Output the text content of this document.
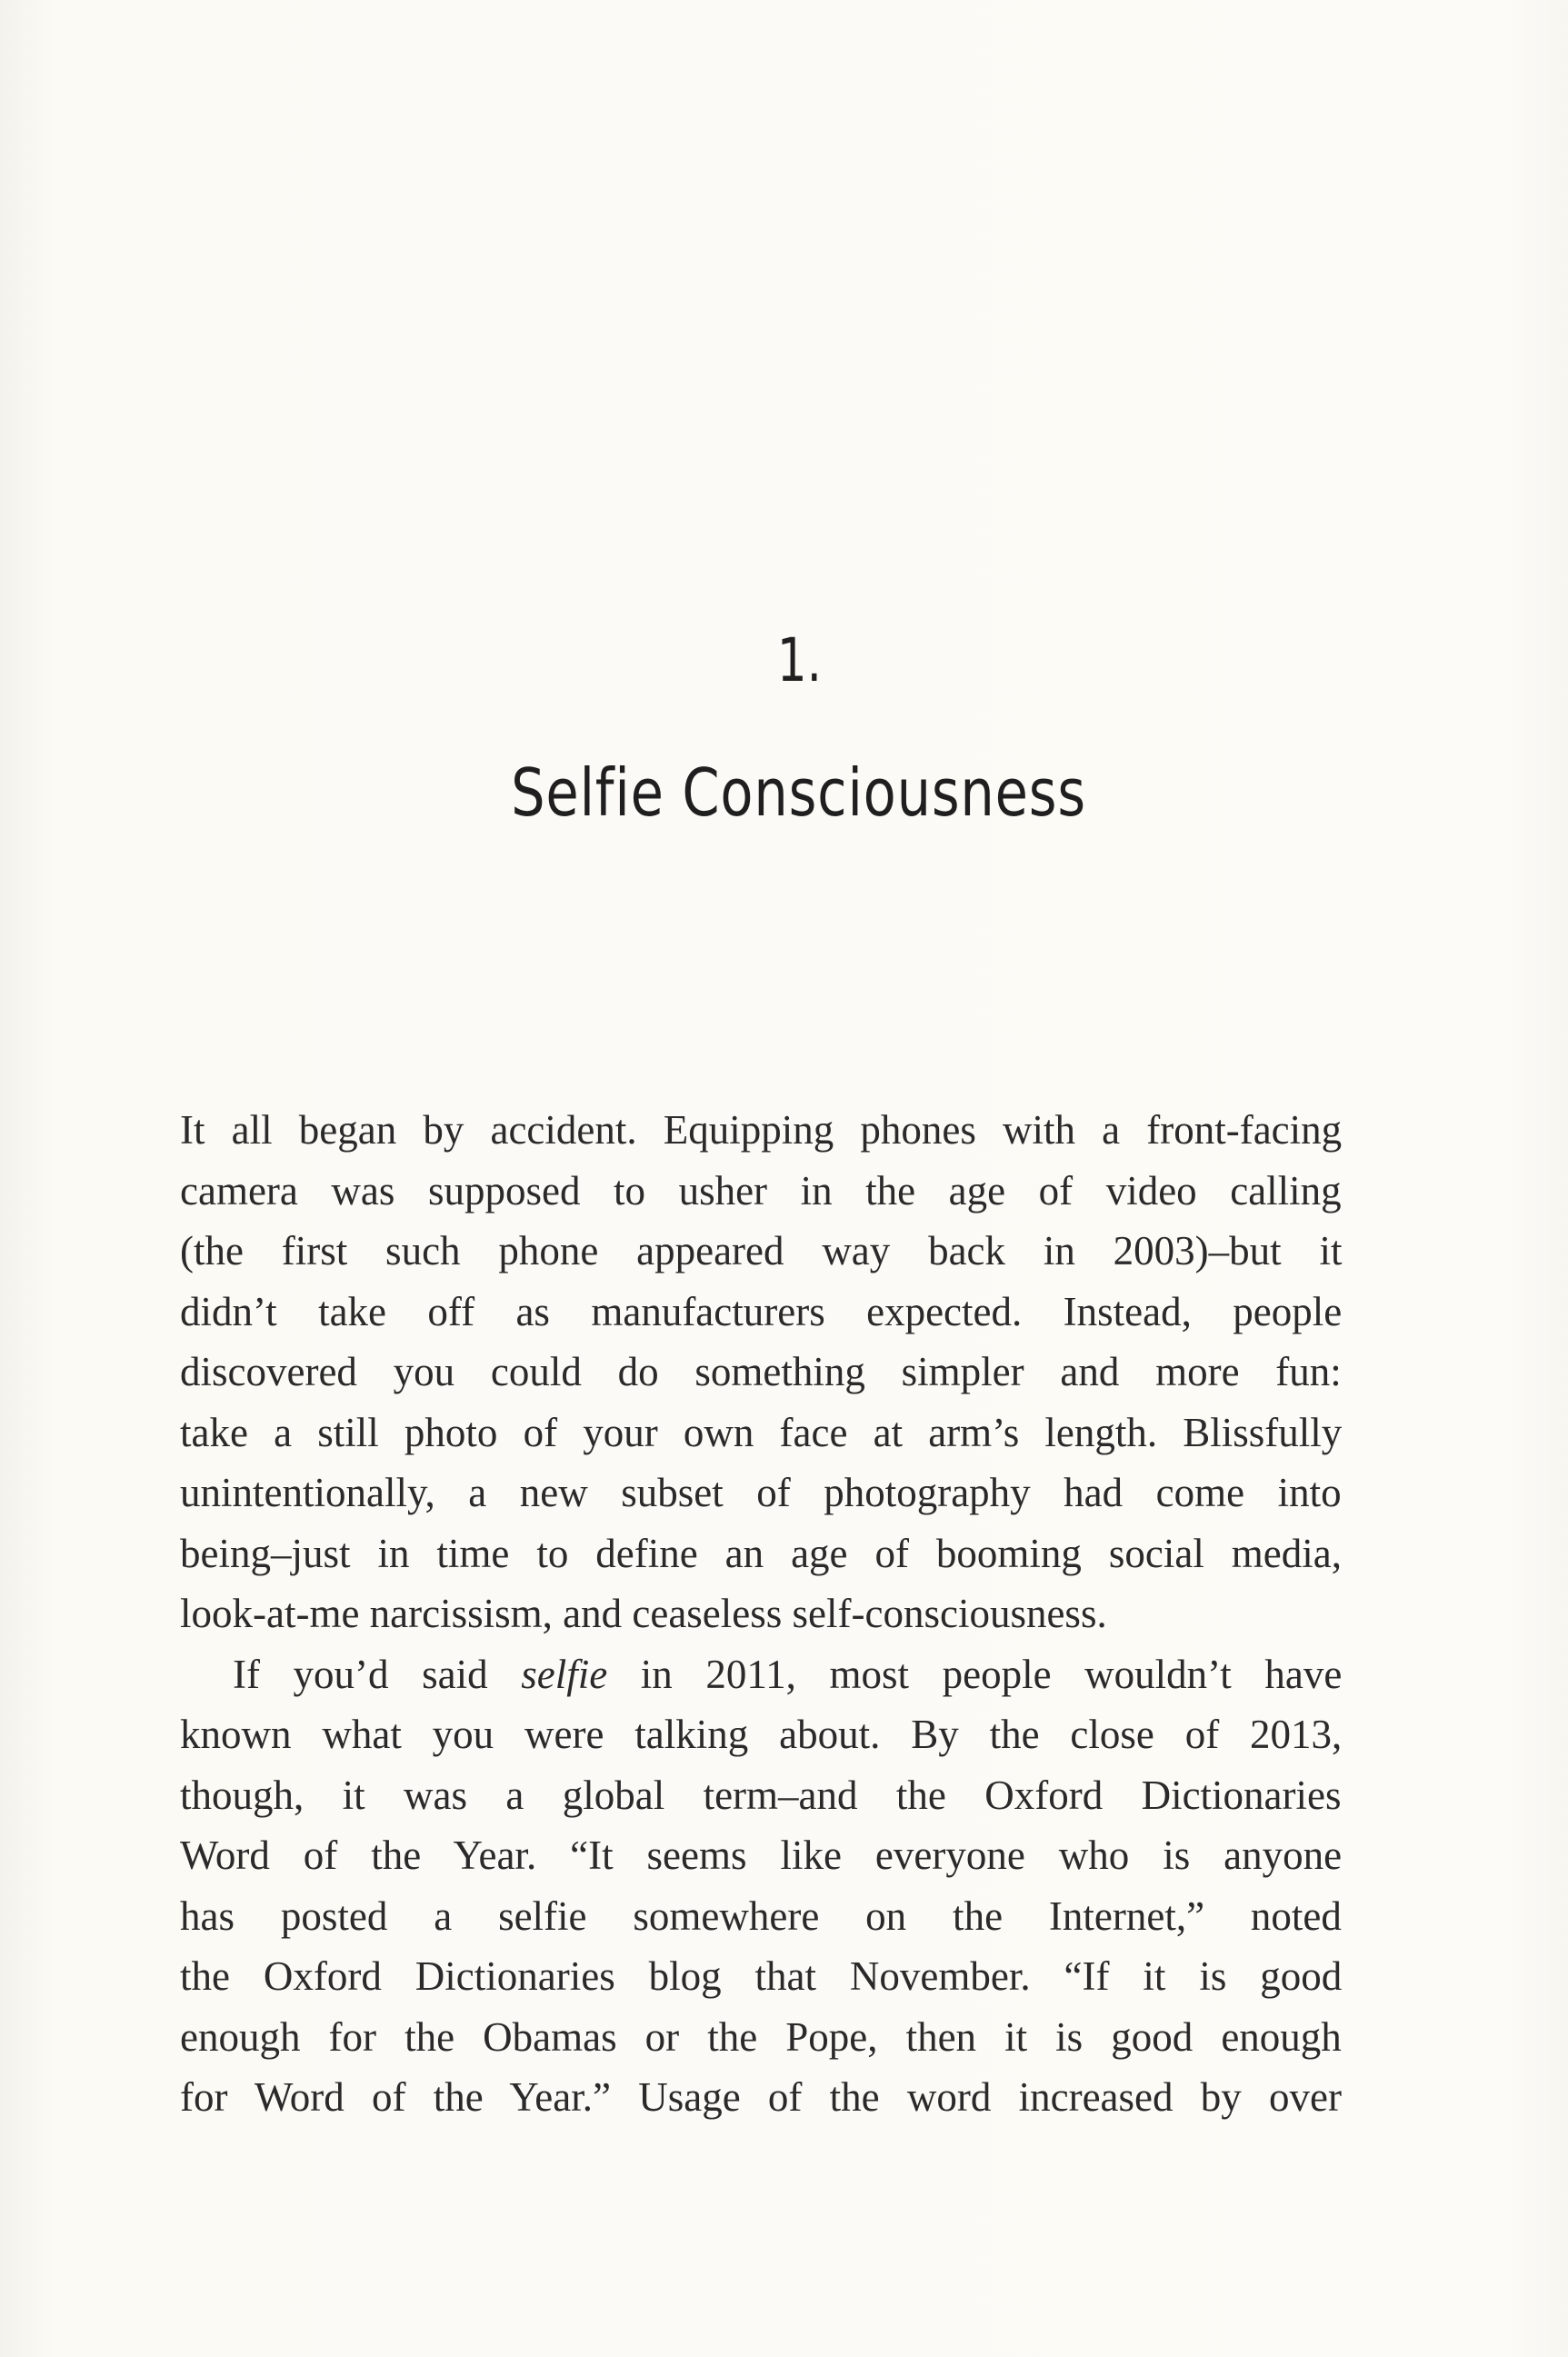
1.
Selfie Consciousness
It all began by accident. Equipping phones with a front-facing
camera was supposed to usher in the age of video calling
(the first such phone appeared way back in 2003)–but it
didn’t take off as manufacturers expected. Instead, people
discovered you could do something simpler and more fun:
take a still photo of your own face at arm’s length. Blissfully
unintentionally, a new subset of photography had come into
being–just in time to define an age of booming social media,
look-at-me narcissism, and ceaseless self-consciousness.
If you’d said selfie in 2011, most people wouldn’t have
known what you were talking about. By the close of 2013,
though, it was a global term–and the Oxford Dictionaries
Word of the Year. “It seems like everyone who is anyone
has posted a selfie somewhere on the Internet,” noted
the Oxford Dictionaries blog that November. “If it is good
enough for the Obamas or the Pope, then it is good enough
for Word of the Year.” Usage of the word increased by over
